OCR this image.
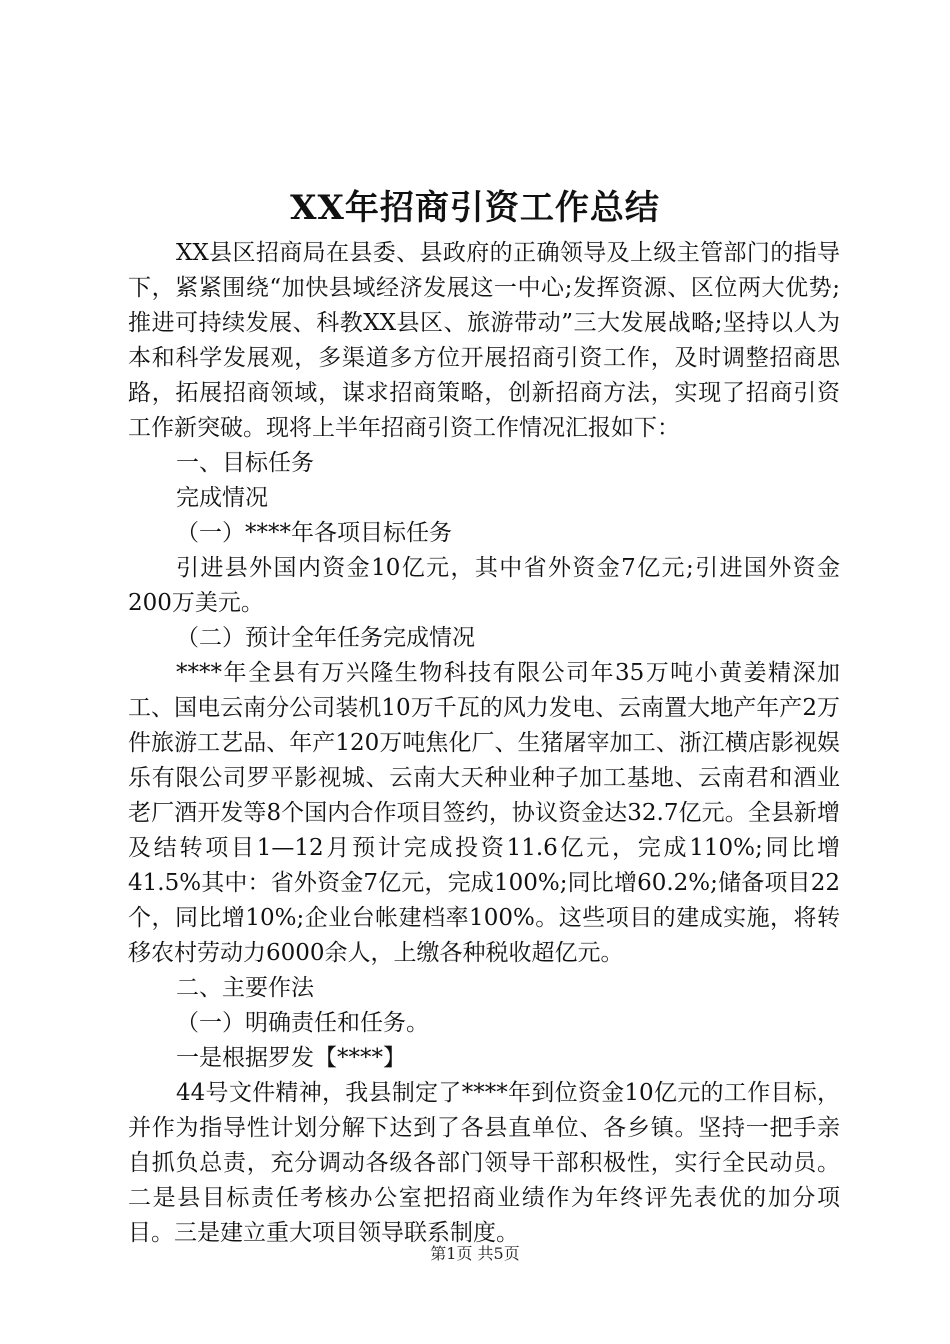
XX年招商引资工作总结

XX县区招商局在县委、县政府的正确领导及上级主管部门的指导下，紧紧围绕“加快县域经济发展这一中心;发挥资源、区位两大优势;推进可持续发展、科教XX县区、旅游带动”三大发展战略;坚持以人为本和科学发展观，多渠道多方位开展招商引资工作，及时调整招商思路，拓展招商领域，谋求招商策略，创新招商方法，实现了招商引资工作新突破。现将上半年招商引资工作情况汇报如下：

一、目标任务

完成情况

（一）****年各项目标任务

引进县外国内资金10亿元，其中省外资金7亿元;引进国外资金200万美元。

（二）预计全年任务完成情况

****年全县有万兴隆生物科技有限公司年35万吨小黄姜精深加工、国电云南分公司装机10万千瓦的风力发电、云南置大地产年产2万件旅游工艺品、年产120万吨焦化厂、生猪屠宰加工、浙江横店影视娱乐有限公司罗平影视城、云南大天种业种子加工基地、云南君和酒业老厂酒开发等8个国内合作项目签约，协议资金达32.7亿元。全县新增及结转项目1—12月预计完成投资11.6亿元，完成110%;同比增41.5%其中：省外资金7亿元，完成100%;同比增60.2%;储备项目22个，同比增10%;企业台帐建档率100%。这些项目的建成实施，将转移农村劳动力6000余人，上缴各种税收超亿元。

二、主要作法

（一）明确责任和任务。

一是根据罗发【****】

44号文件精神，我县制定了****年到位资金10亿元的工作目标，并作为指导性计划分解下达到了各县直单位、各乡镇。坚持一把手亲自抓负总责，充分调动各级各部门领导干部积极性，实行全民动员。二是县目标责任考核办公室把招商业绩作为年终评先表优的加分项目。三是建立重大项目领导联系制度。

第1页 共5页
